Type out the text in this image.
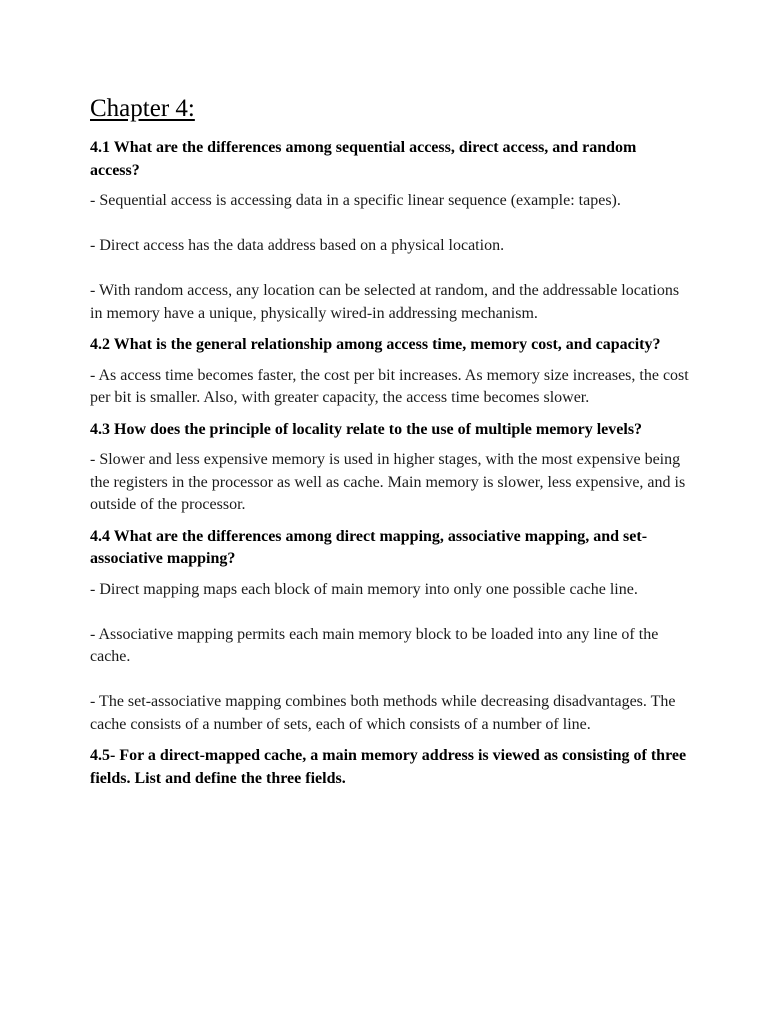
Chapter 4:

4.1 What are the differences among sequential access, direct access, and random access?

- Sequential access is accessing data in a specific linear sequence (example: tapes).

- Direct access has the data address based on a physical location.

- With random access, any location can be selected at random, and the addressable locations in memory have a unique, physically wired-in addressing mechanism.

4.2 What is the general relationship among access time, memory cost, and capacity?

- As access time becomes faster, the cost per bit increases. As memory size increases, the cost per bit is smaller. Also, with greater capacity, the access time becomes slower.

4.3 How does the principle of locality relate to the use of multiple memory levels?

- Slower and less expensive memory is used in higher stages, with the most expensive being the registers in the processor as well as cache. Main memory is slower, less expensive, and is outside of the processor.

4.4 What are the differences among direct mapping, associative mapping, and set-associative mapping?

- Direct mapping maps each block of main memory into only one possible cache line.

- Associative mapping permits each main memory block to be loaded into any line of the cache.

- The set-associative mapping combines both methods while decreasing disadvantages. The cache consists of a number of sets, each of which consists of a number of line.

4.5- For a direct-mapped cache, a main memory address is viewed as consisting of three fields. List and define the three fields.
